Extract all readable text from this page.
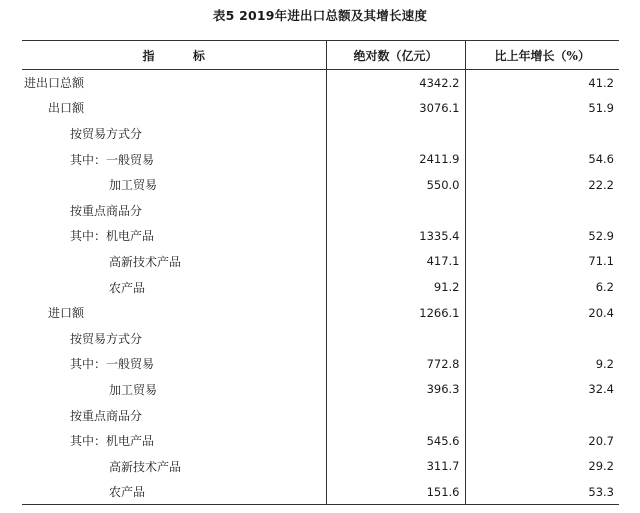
表5 2019年进出口总额及其增长速度
指标	绝对数（亿元）	比上年增长（%）
进出口总额	4342.2	41.2
出口额	3076.1	51.9
按贸易方式分		
其中：一般贸易	2411.9	54.6
加工贸易	550.0	22.2
按重点商品分		
其中：机电产品	1335.4	52.9
高新技术产品	417.1	71.1
农产品	91.2	6.2
进口额	1266.1	20.4
按贸易方式分		
其中：一般贸易	772.8	9.2
加工贸易	396.3	32.4
按重点商品分		
其中：机电产品	545.6	20.7
高新技术产品	311.7	29.2
农产品	151.6	53.3
